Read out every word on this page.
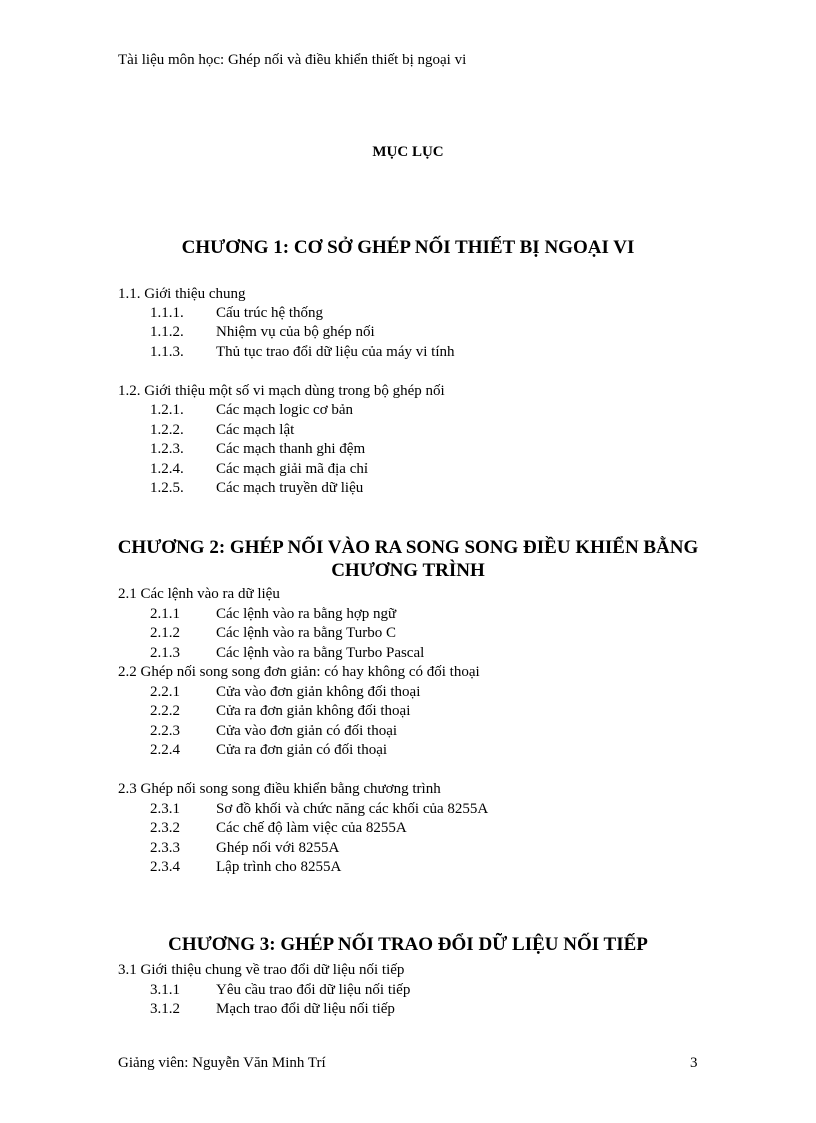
Tài liệu môn học: Ghép nối và điều khiển thiết bị ngoại vi
MỤC LỤC
CHƯƠNG 1: CƠ SỞ GHÉP NỐI THIẾT BỊ NGOẠI VI
1.1. Giới thiệu chung
1.1.1. Cấu trúc hệ thống
1.1.2. Nhiệm vụ của bộ ghép nối
1.1.3. Thủ tục trao đổi dữ liệu của máy vi tính
1.2. Giới thiệu một số vi mạch dùng trong bộ ghép nối
1.2.1. Các mạch logic cơ bản
1.2.2. Các mạch lật
1.2.3. Các mạch thanh ghi đệm
1.2.4. Các mạch giải mã địa chỉ
1.2.5. Các mạch truyền dữ liệu
CHƯƠNG 2: GHÉP NỐI VÀO RA SONG SONG ĐIỀU KHIỂN BẰNG
CHƯƠNG TRÌNH
2.1 Các lệnh vào ra dữ liệu
2.1.1 Các lệnh vào ra bằng hợp ngữ
2.1.2 Các lệnh vào ra bằng Turbo C
2.1.3 Các lệnh vào ra bằng Turbo Pascal
2.2 Ghép nối song song đơn giản: có hay không có đối thoại
2.2.1 Cửa vào đơn giản không đối thoại
2.2.2 Cửa ra đơn giản không đối thoại
2.2.3 Cửa vào đơn giản có đối thoại
2.2.4 Cửa ra đơn giản có đối thoại
2.3 Ghép nối song song điều khiển bằng chương trình
2.3.1 Sơ đồ khối và chức năng các khối của 8255A
2.3.2 Các chế độ làm việc của 8255A
2.3.3 Ghép nối với 8255A
2.3.4 Lập trình cho 8255A
CHƯƠNG 3: GHÉP NỐI TRAO ĐỔI DỮ LIỆU NỐI TIẾP
3.1 Giới thiệu chung về trao đổi dữ liệu nối tiếp
3.1.1 Yêu cầu trao đổi dữ liệu nối tiếp
3.1.2 Mạch trao đổi dữ liệu nối tiếp
Giảng viên: Nguyễn Văn Minh Trí	3
